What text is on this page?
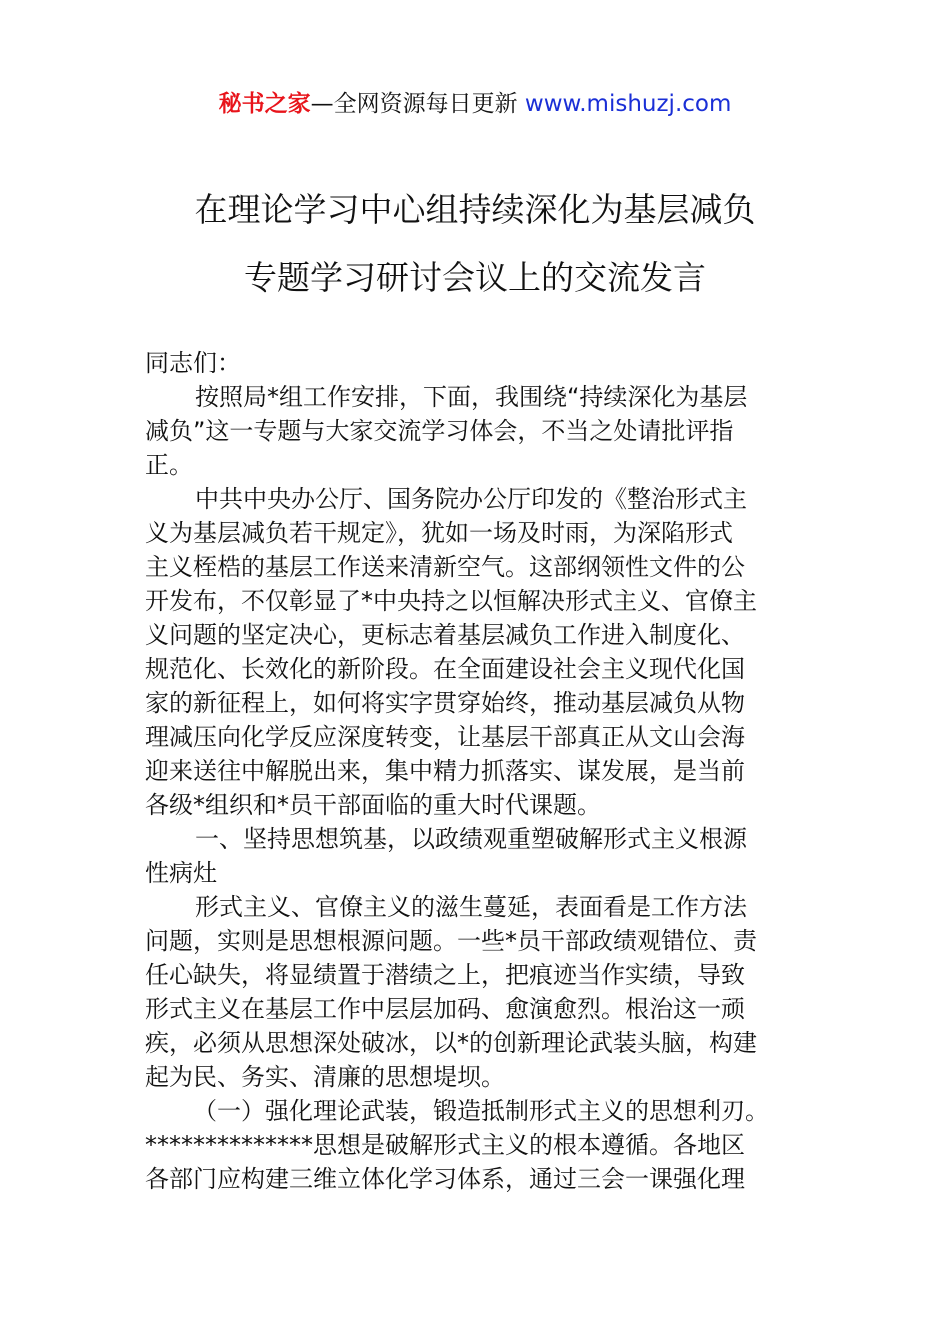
秘书之家—全网资源每日更新 www.mishuzj.com
在理论学习中心组持续深化为基层减负
专题学习研讨会议上的交流发言
同志们：
按照局*组工作安排，下面，我围绕“持续深化为基层
减负”这一专题与大家交流学习体会，不当之处请批评指
正。
中共中央办公厅、国务院办公厅印发的《整治形式主
义为基层减负若干规定》，犹如一场及时雨，为深陷形式
主义桎梏的基层工作送来清新空气。这部纲领性文件的公
开发布，不仅彰显了*中央持之以恒解决形式主义、官僚主
义问题的坚定决心，更标志着基层减负工作进入制度化、
规范化、长效化的新阶段。在全面建设社会主义现代化国
家的新征程上，如何将实字贯穿始终，推动基层减负从物
理减压向化学反应深度转变，让基层干部真正从文山会海
迎来送往中解脱出来，集中精力抓落实、谋发展，是当前
各级*组织和*员干部面临的重大时代课题。
一、坚持思想筑基，以政绩观重塑破解形式主义根源
性病灶
形式主义、官僚主义的滋生蔓延，表面看是工作方法
问题，实则是思想根源问题。一些*员干部政绩观错位、责
任心缺失，将显绩置于潜绩之上，把痕迹当作实绩，导致
形式主义在基层工作中层层加码、愈演愈烈。根治这一顽
疾，必须从思想深处破冰，以*的创新理论武装头脑，构建
起为民、务实、清廉的思想堤坝。
（一）强化理论武装，锻造抵制形式主义的思想利刃。
**************思想是破解形式主义的根本遵循。各地区
各部门应构建三维立体化学习体系，通过三会一课强化理
